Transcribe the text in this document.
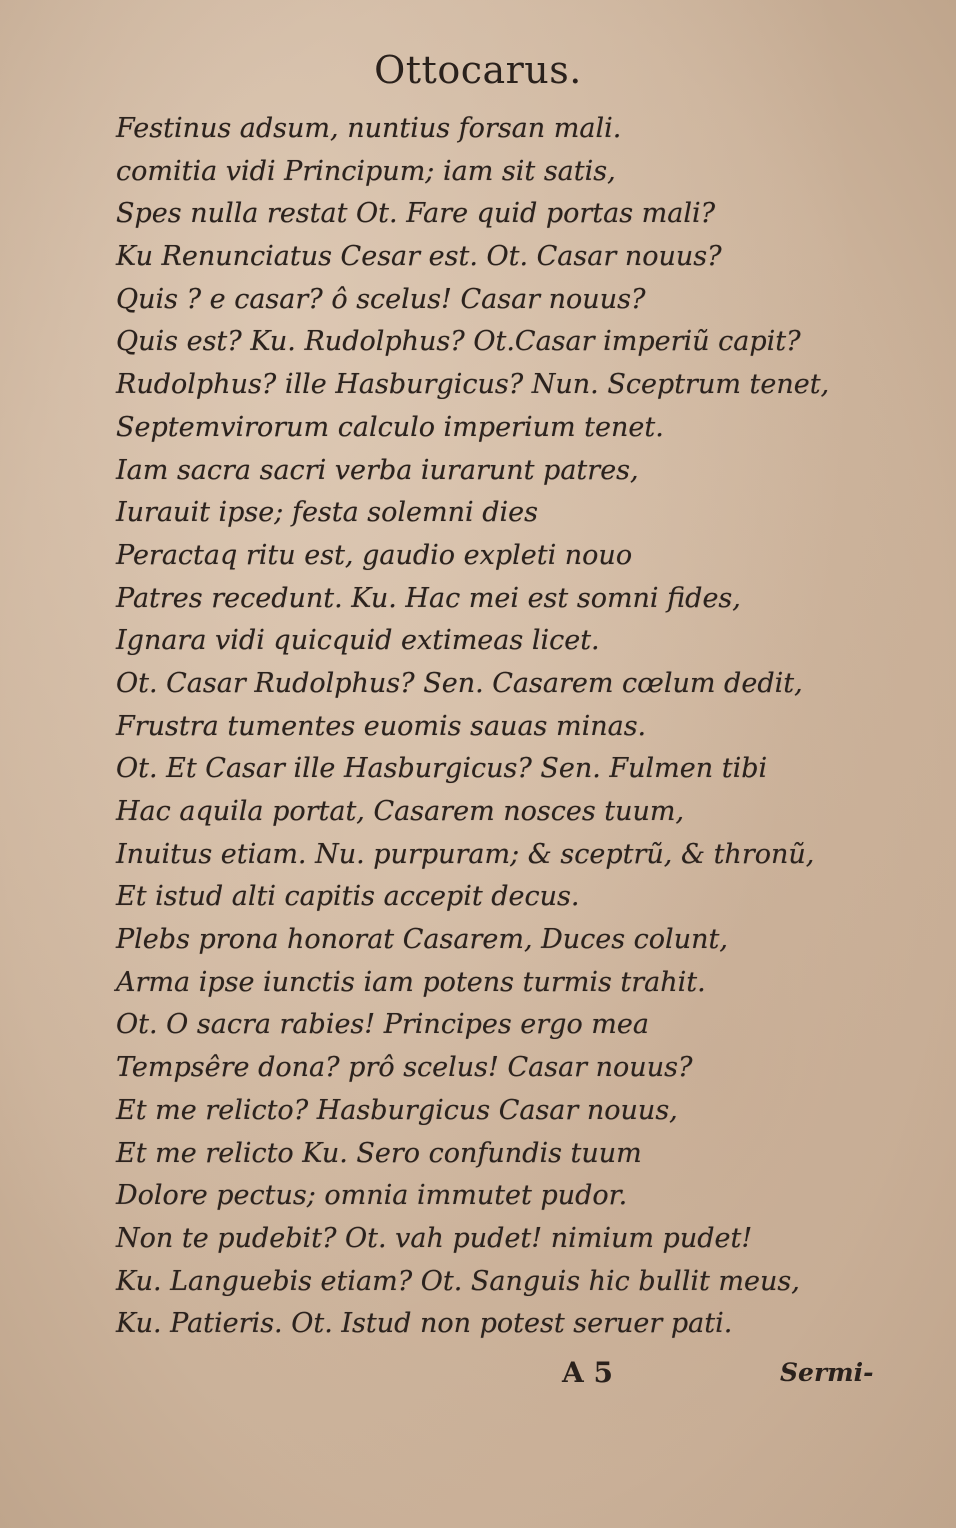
Ottocarus.
Festinus adsum, nuntius forsan mali.
comitia vidi Principum; iam sit satis,
Spes nulla restat Ot. Fare quid portas mali?
Ku Renunciatus Cesar est. Ot. Casar nouus?
Quis ? e casar? ô scelus! Casar nouus?
Quis est? Ku. Rudolphus? Ot.Casar imperiũ capit?
Rudolphus? ille Hasburgicus? Nun. Sceptrum tenet,
Septemvirorum calculo imperium tenet.
Iam sacra sacri verba iurarunt patres,
Iurauit ipse; festa solemni dies
Peractaq ritu est, gaudio expleti nouo
Patres recedunt. Ku. Hac mei est somni fides,
Ignara vidi quicquid extimeas licet.
Ot. Casar Rudolphus? Sen. Casarem cœlum dedit,
Frustra tumentes euomis sauas minas.
Ot. Et Casar ille Hasburgicus? Sen. Fulmen tibi
Hac aquila portat, Casarem nosces tuum,
Inuitus etiam. Nu. purpuram; & sceptrũ, & thronũ,
Et istud alti capitis accepit decus.
Plebs prona honorat Casarem, Duces colunt,
Arma ipse iunctis iam potens turmis trahit.
Ot. O sacra rabies! Principes ergo mea
Tempsêre dona? prô scelus! Casar nouus?
Et me relicto? Hasburgicus Casar nouus,
Et me relicto Ku. Sero confundis tuum
Dolore pectus; omnia immutet pudor.
Non te pudebit? Ot. vah pudet! nimium pudet!
Ku. Languebis etiam? Ot. Sanguis hic bullit meus,
Ku. Patieris. Ot. Istud non potest seruer pati.
A 5	Sermi-
